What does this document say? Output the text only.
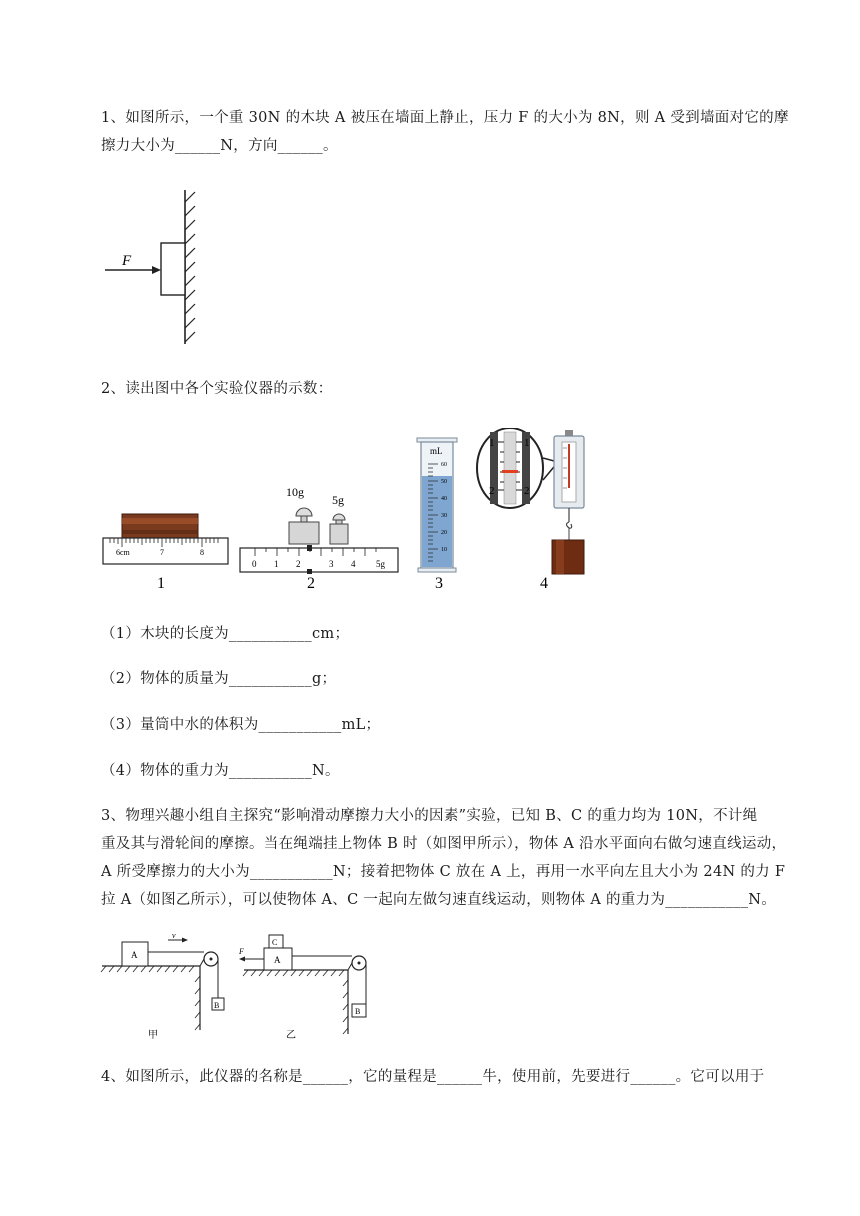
1、如图所示，一个重 30N 的木块 A 被压在墙面上静止，压力 F 的大小为 8N，则 A 受到墙面对它的摩
擦力大小为______N，方向______。
F
2、读出图中各个实验仪器的示数：
6cm	7	8
1
10g
5g
0 1 2	3 4 5g
2
mL
60
50
40
30
20
10
3
1
2
1
2
4
（1）木块的长度为___________cm；
（2）物体的质量为___________g；
（3）量筒中水的体积为___________mL；
（4）物体的重力为___________N。
3、物理兴趣小组自主探究“影响滑动摩擦力大小的因素”实验，已知 B、C 的重力均为 10N，不计绳
重及其与滑轮间的摩擦。当在绳端挂上物体 B 时（如图甲所示），物体 A 沿水平面向右做匀速直线运动，
A 所受摩擦力的大小为___________N；接着把物体 C 放在 A 上，再用一水平向左且大小为 24N 的力 F
拉 A（如图乙所示），可以使物体 A、C 一起向左做匀速直线运动，则物体 A 的重力为___________N。
A
B
v
甲
A
C
B
F
乙
4、如图所示，此仪器的名称是______，它的量程是______牛，使用前，先要进行______。它可以用于
